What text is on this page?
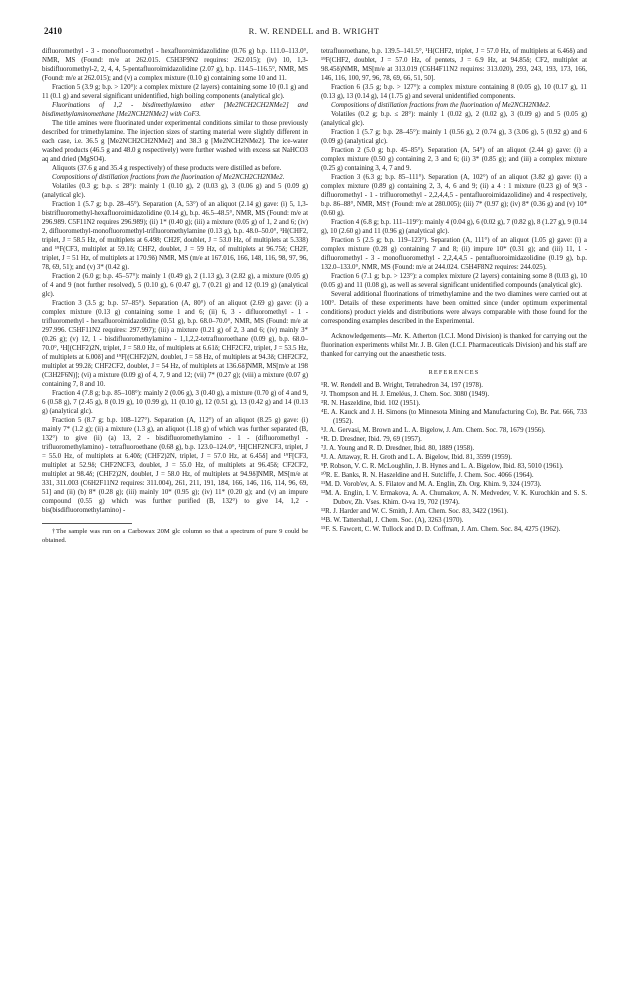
2410	R. W. RENDELL and B. WRIGHT

difluoromethyl - 3 - monofluoromethyl - hexafluoroimidazolidine (0.76 g) b.p. 111.0–113.0°, NMR, MS (Found: m/e at 262.015. C5H3F9N2 requires: 262.015); (iv) 10, 1,3-bisdifluoromethyl-2, 2, 4, 4, 5-pentafluoroimidazolidine (2.07 g), b.p. 114.5–116.5°, NMR, MS (Found: m/e at 262.015); and (v) a complex mixture (0.10 g) containing some 10 and 11.

Fraction 5 (3.9 g; b.p. > 120°): a complex mixture (2 layers) containing some 10 (0.1 g) and 11 (0.1 g) and several significant unidentified, high boiling components (analytical glc).

Fluorinations of 1,2 - bisdimethylamino ether [Me2NCH2CH2NMe2] and bisdimethylaminomethane [Me2NCH2NMe2] with CoF3.

The title amines were fluorinated under experimental conditions similar to those previously described for trimethylamine. The injection sizes of starting material were slightly different in each case, i.e. 36.5 g [Me2NCH2CH2NMe2] and 38.3 g [Me2NCH2NMe2]. The ice-water washed products (46.5 g and 48.0 g respectively) were further washed with excess sat NaHCO3 aq and dried (MgSO4).

Aliquots (37.6 g and 35.4 g respectively) of these products were distilled as before.

Compositions of distillation fractions from the fluorination of Me2NCH2CH2NMe2.

Volatiles (0.3 g; b.p. ≤ 28°): mainly 1 (0.10 g), 2 (0.03 g), 3 (0.06 g) and 5 (0.09 g) (analytical glc).

Fraction 1 (5.7 g; b.p. 28–45°). Separation (A, 53°) of an aliquot (2.14 g) gave: (i) 5, 1,3-bistrifluoromethyl-hexafluoroimidazolidine (0.14 g), b.p. 46.5–48.5°, NMR, MS (Found: m/e at 296.989. C5F11N2 requires 296.989); (ii) 1* (0.40 g); (iii) a mixture (0.05 g) of 1, 2 and 6; (iv) 2, difluoromethyl-monofluoromethyl-trifluoromethylamine (0.13 g), b.p. 48.0–50.0°, ¹H(CHF2, triplet, J = 58.5 Hz, of multiplets at 6.498; CH2F, doublet, J = 53.0 Hz, of multiplets at 5.338) and ¹⁹F(CF3, multiplet at 59.1δ; CHF2, doublet, J = 59 Hz, of multiplets at 96.75δ; CH2F, triplet, J = 51 Hz, of multiplets at 170.9δ) NMR, MS (m/e at 167.016, 166, 148, 116, 98, 97, 96, 78, 69, 51); and (v) 3* (0.42 g).

Fraction 2 (6.0 g; b.p. 45–57°): mainly 1 (0.49 g), 2 (1.13 g), 3 (2.82 g), a mixture (0.05 g) of 4 and 9 (not further resolved), 5 (0.10 g), 6 (0.47 g), 7 (0.21 g) and 12 (0.19 g) (analytical glc).

Fraction 3 (3.5 g; b.p. 57–85°). Separation (A, 80°) of an aliquot (2.69 g) gave: (i) a complex mixture (0.13 g) containing some 1 and 6; (ii) 6, 3 - difluoromethyl - 1 - trifluoromethyl - hexafluoroimidazolidine (0.51 g), b.p. 68.0–70.0°, NMR, MS (Found: m/e at 297.996. C5HF11N2 requires: 297.997); (iii) a mixture (0.21 g) of 2, 3 and 6; (iv) mainly 3* (0.26 g); (v) 12, 1 - bisdifluoromethylamino - 1,1,2,2-tetrafluoroethane (0.09 g), b.p. 68.0–70.0°, ¹H[(CHF2)2N, triplet, J = 58.0 Hz, of multiplets at 6.61δ; CHF2CF2, triplet, J = 53.5 Hz, of multiplets at 6.00δ] and ¹⁹F[(CHF2)2N, doublet, J = 58 Hz, of multiplets at 94.3δ; CHF2CF2, multiplet at 99.2δ; CHF2CF2, doublet, J = 54 Hz, of multiplets at 136.6δ]NMR, MS[m/e at 198 (C3H2F6N)]; (vi) a mixture (0.09 g) of 4, 7, 9 and 12; (vii) 7* (0.27 g); (viii) a mixture (0.07 g) containing 7, 8 and 10.

Fraction 4 (7.8 g; b.p. 85–108°): mainly 2 (0.06 g), 3 (0.40 g), a mixture (0.70 g) of 4 and 9, 6 (0.58 g), 7 (2.45 g), 8 (0.19 g), 10 (0.99 g), 11 (0.10 g), 12 (0.51 g), 13 (0.42 g) and 14 (0.13 g) (analytical glc).

Fraction 5 (8.7 g; b.p. 108–127°). Separation (A, 112°) of an aliquot (8.25 g) gave: (i) mainly 7* (1.2 g); (ii) a mixture (1.3 g), an aliquot (1.18 g) of which was further separated (B, 132°) to give (ii) (a) 13, 2 - bisdifluoromethylamino - 1 - (difluoromethyl - trifluoromethylamino) - tetrafluoroethane (0.68 g), b.p. 123.0–124.0°, ¹H[CHF2NCF3, triplet, J = 55.0 Hz, of multiplets at 6.40δ; (CHF2)2N, triplet, J = 57.0 Hz, at 6.45δ] and ¹⁹F[CF3, multiplet at 52.9δ; CHF2NCF3, doublet, J = 55.0 Hz, of multiplets at 96.45δ; CF2CF2, multiplet at 98.4δ; (CHF2)2N, doublet, J = 58.0 Hz, of multiplets at 94.9δ]NMR, MS[m/e at 331, 311.003 (C6H2F11N2 requires: 311.004), 261, 211, 191, 184, 166, 146, 116, 114, 96, 69, 51] and (ii) (b) 8* (0.28 g); (iii) mainly 10* (0.95 g); (iv) 11* (0.20 g); and (v) an impure compound (0.55 g) which was further purified (B, 132°) to give 14, 1,2 - bis(bisdifluoromethylamino) -

†The sample was run on a Carbowax 20M glc column so that a spectrum of pure 9 could be obtained.

tetrafluoroethane, b.p. 139.5–141.5°, ¹H(CHF2, triplet, J = 57.0 Hz, of multiplets at 6.46δ) and ¹⁹F(CHF2, doublet, J = 57.0 Hz, of pentets, J = 6.9 Hz, at 94.85δ; CF2, multiplet at 98.45δ)NMR, MS[m/e at 313.019 (C6H4F11N2 requires: 313.020), 293, 243, 193, 173, 166, 146, 116, 100, 97, 96, 78, 69, 66, 51, 50].

Fraction 6 (3.5 g; b.p. > 127°): a complex mixture containing 8 (0.05 g), 10 (0.17 g), 11 (0.13 g), 13 (0.14 g), 14 (1.75 g) and several unidentified components.

Compositions of distillation fractions from the fluorination of Me2NCH2NMe2.

Volatiles (0.2 g; b.p. ≤ 28°): mainly 1 (0.02 g), 2 (0.02 g), 3 (0.09 g) and 5 (0.05 g) (analytical glc).

Fraction 1 (5.7 g; b.p. 28–45°): mainly 1 (0.56 g), 2 (0.74 g), 3 (3.06 g), 5 (0.92 g) and 6 (0.09 g) (analytical glc).

Fraction 2 (5.0 g; b.p. 45–85°). Separation (A, 54°) of an aliquot (2.44 g) gave: (i) a complex mixture (0.50 g) containing 2, 3 and 6; (ii) 3* (0.85 g); and (iii) a complex mixture (0.25 g) containing 3, 4, 7 and 9.

Fraction 3 (6.3 g; b.p. 85–111°). Separation (A, 102°) of an aliquot (3.82 g) gave: (i) a complex mixture (0.89 g) containing 2, 3, 4, 6 and 9; (ii) a 4 : 1 mixture (0.23 g) of 9(3 - difluoromethyl - 1 - trifluoromethyl - 2,2,4,4,5 - pentafluoroimidazolidine) and 4 respectively, b.p. 86–88°, NMR, MS† (Found: m/e at 280.005); (iii) 7* (0.97 g); (iv) 8* (0.36 g) and (v) 10* (0.60 g).

Fraction 4 (6.8 g; b.p. 111–119°): mainly 4 (0.04 g), 6 (0.02 g), 7 (0.82 g), 8 (1.27 g), 9 (0.14 g), 10 (2.60 g) and 11 (0.96 g) (analytical glc).

Fraction 5 (2.5 g; b.p. 119–123°). Separation (A, 111°) of an aliquot (1.05 g) gave: (i) a complex mixture (0.28 g) containing 7 and 8; (ii) impure 10* (0.31 g); and (iii) 11, 1 - difluoromethyl - 3 - monofluoromethyl - 2,2,4,4,5 - pentafluoroimidazolidine (0.19 g), b.p. 132.0–133.0°, NMR, MS (Found: m/e at 244.024. C5H4F8N2 requires: 244.025).

Fraction 6 (7.1 g; b.p. > 123°): a complex mixture (2 layers) containing some 8 (0.03 g), 10 (0.05 g) and 11 (0.08 g), as well as several significant unidentified compounds (analytical glc).

Several additional fluorinations of trimethylamine and the two diamines were carried out at 100°. Details of these experiments have been omitted since (under optimum experimental conditions) product yields and distributions were always comparable with those found for the corresponding examples described in the Experimental.

Acknowledgements—Mr. K. Atherton (I.C.I. Mond Division) is thanked for carrying out the fluorination experiments whilst Mr. J. B. Glen (I.C.I. Pharmaceuticals Division) and his staff are thanked for carrying out the anaesthetic tests.

REFERENCES

¹R. W. Rendell and B. Wright, Tetrahedron 34, 197 (1978).

²J. Thompson and H. J. Emeléus, J. Chem. Soc. 3080 (1949).

³R. N. Haszeldine, Ibid. 102 (1951).

⁴E. A. Kauck and J. H. Simons (to Minnesota Mining and Manufacturing Co), Br. Pat. 666, 733 (1952).

⁵J. A. Gervasi, M. Brown and L. A. Bigelow, J. Am. Chem. Soc. 78, 1679 (1956).

⁶R. D. Dresdner, Ibid. 79, 69 (1957).

⁷J. A. Young and R. D. Dresdner, Ibid. 80, 1889 (1958).

⁸J. A. Attaway, R. H. Groth and L. A. Bigelow, Ibid. 81, 3599 (1959).

⁹P. Robson, V. C. R. McLoughlin, J. B. Hynes and L. A. Bigelow, Ibid. 83, 5010 (1961).

¹⁰R. E. Banks, R. N. Haszeldine and H. Sutcliffe, J. Chem. Soc. 4066 (1964).

¹¹M. D. Vorob'ev, A. S. Filatov and M. A. Englin, Zh. Org. Khim. 9, 324 (1973).

¹²M. A. Englin, I. V. Ermakova, A. A. Chumakov, A. N. Medvedev, V. K. Kurochkin and S. S. Dubov, Zh. Vses. Khim. O-va 19, 702 (1974).

¹³R. J. Harder and W. C. Smith, J. Am. Chem. Soc. 83, 3422 (1961).

¹⁴B. W. Tattershall, J. Chem. Soc. (A), 3263 (1970).

¹⁵F. S. Fawcett, C. W. Tullock and D. D. Coffman, J. Am. Chem. Soc. 84, 4275 (1962).
